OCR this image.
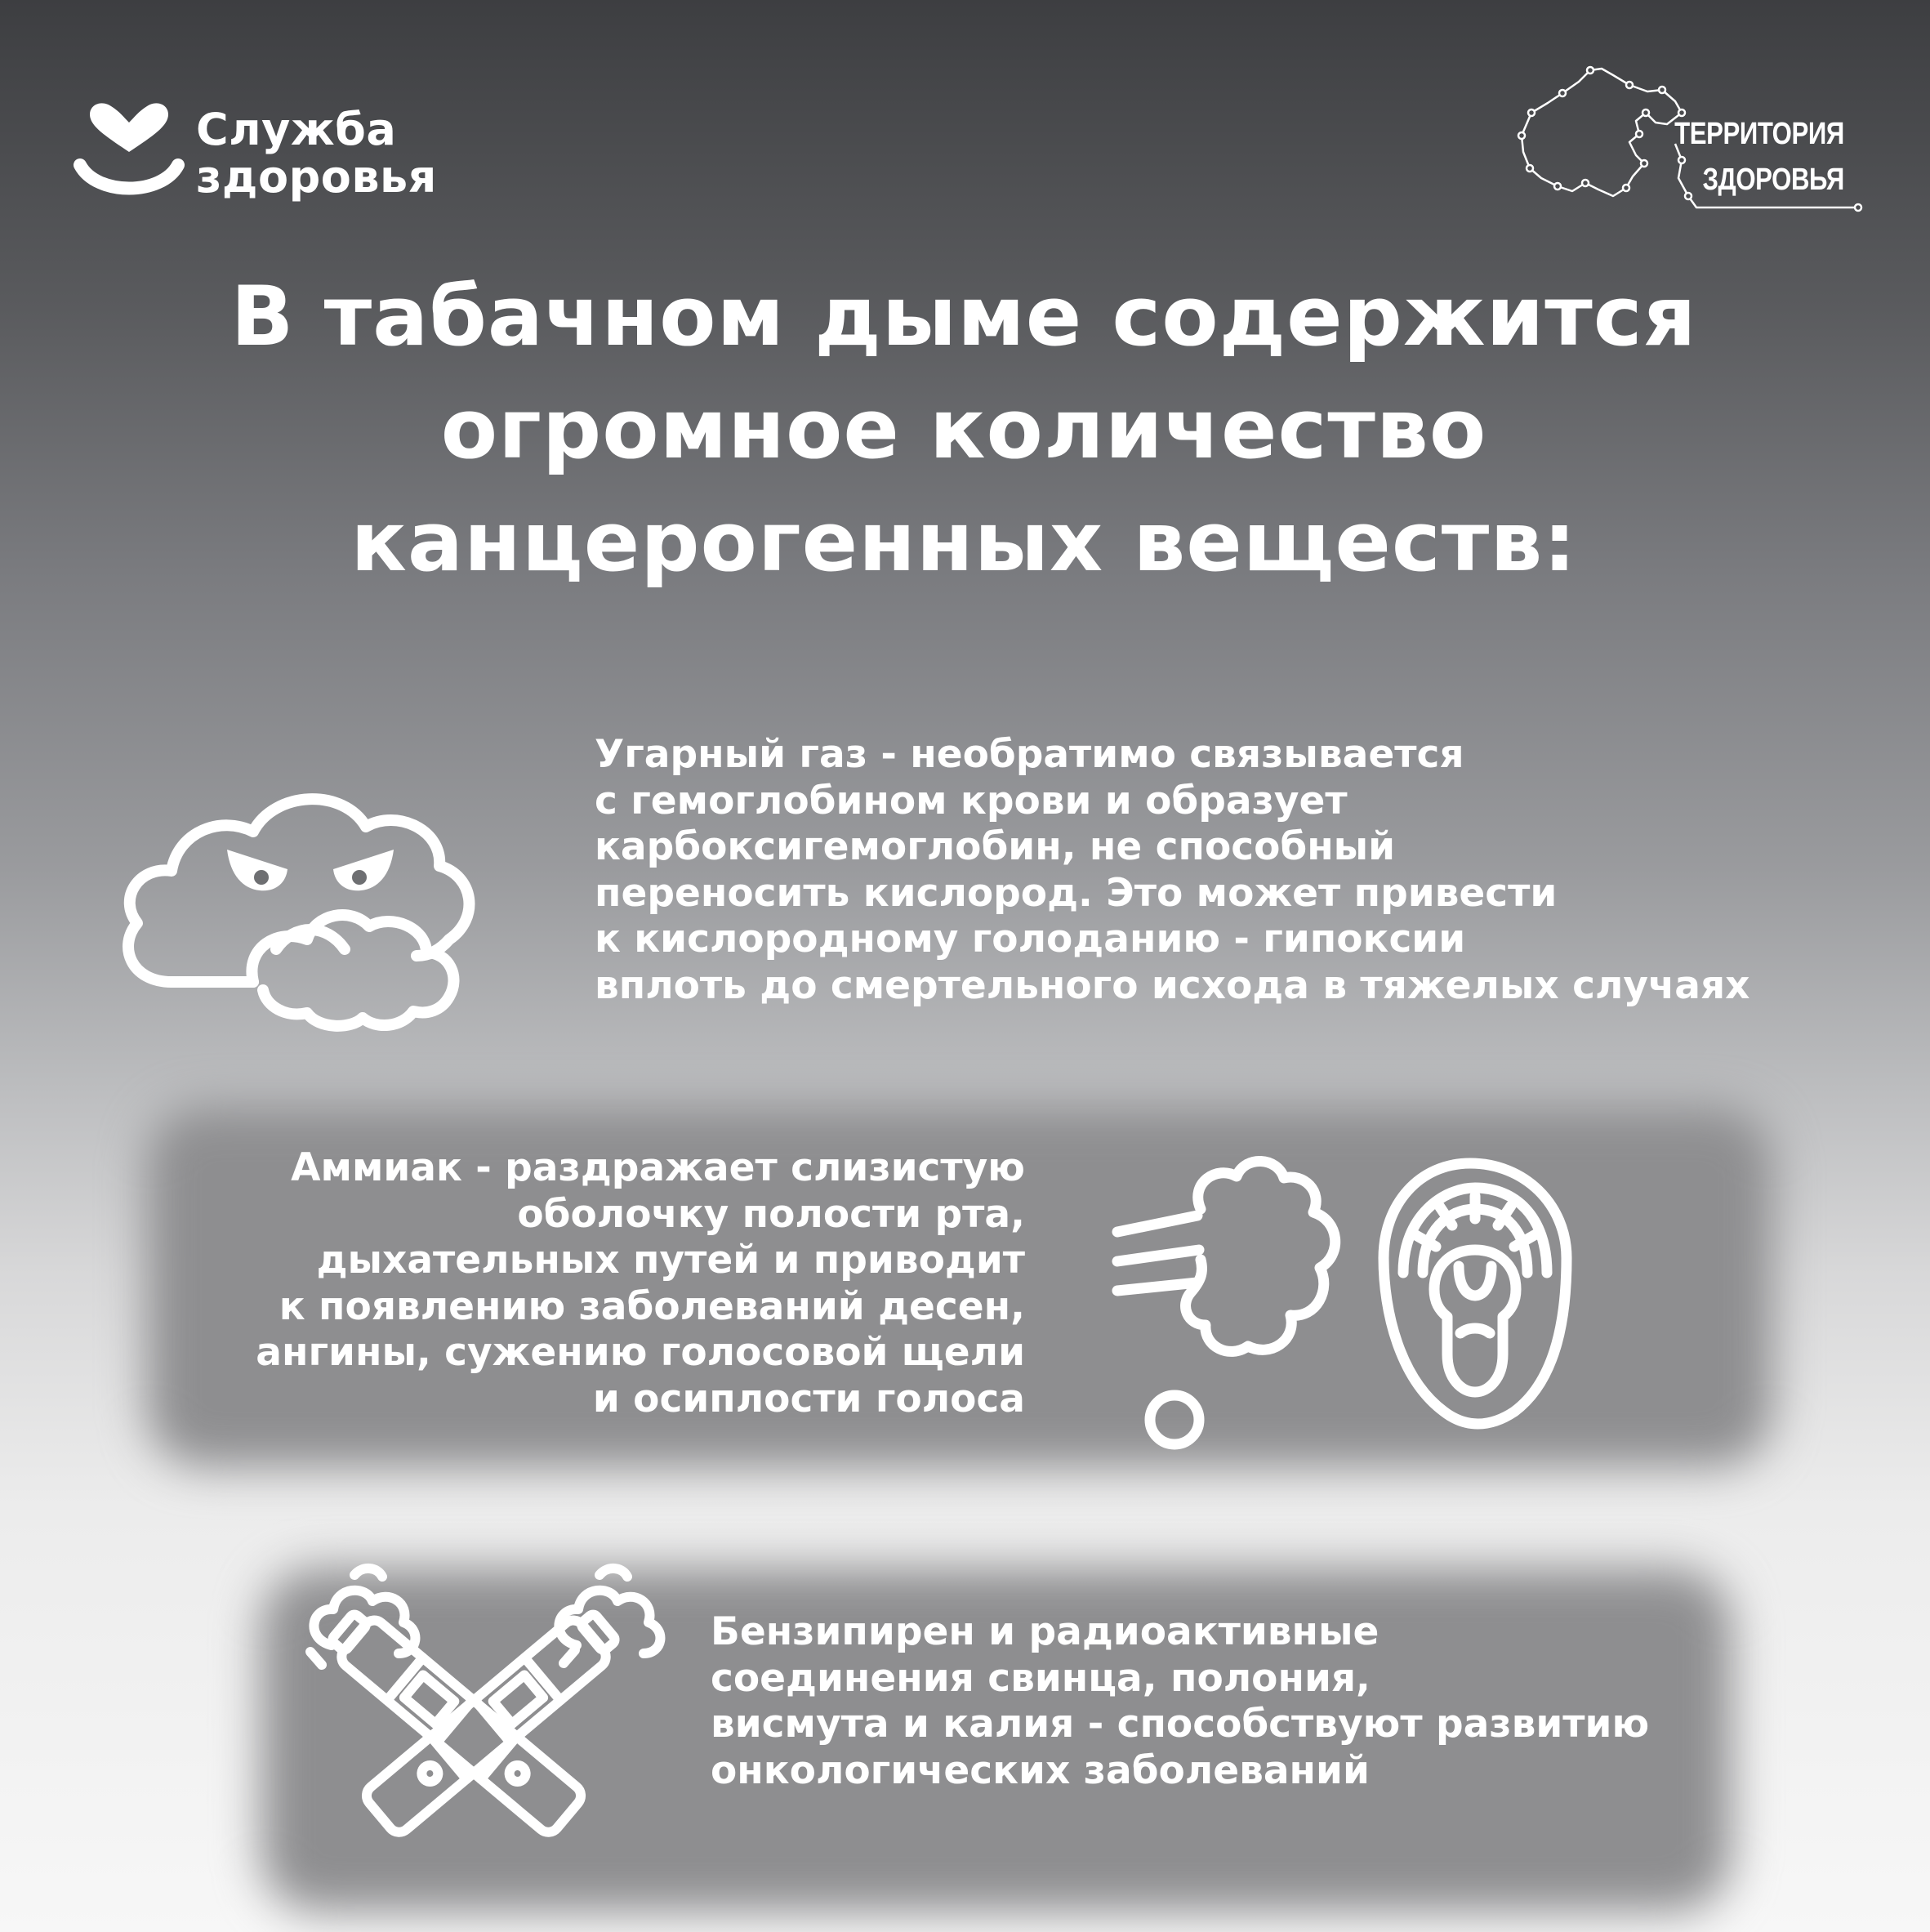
Служба
здоровья
ТЕРРИТОРИЯ
ЗДОРОВЬЯ
В табачном дыме содержится
огромное количество
канцерогенных веществ:
Угарный газ - необратимо связывается
с гемоглобином крови и образует
карбоксигемоглобин, не способный
переносить кислород. Это может привести
к кислородному голоданию - гипоксии
вплоть до смертельного исхода в тяжелых случаях
Аммиак - раздражает слизистую
оболочку полости рта,
дыхательных путей и приводит
к появлению заболеваний десен,
ангины, сужению голосовой щели
и осиплости голоса
Бензипирен и радиоактивные
соединения свинца, полония,
висмута и калия - способствуют развитию
онкологических заболеваний
